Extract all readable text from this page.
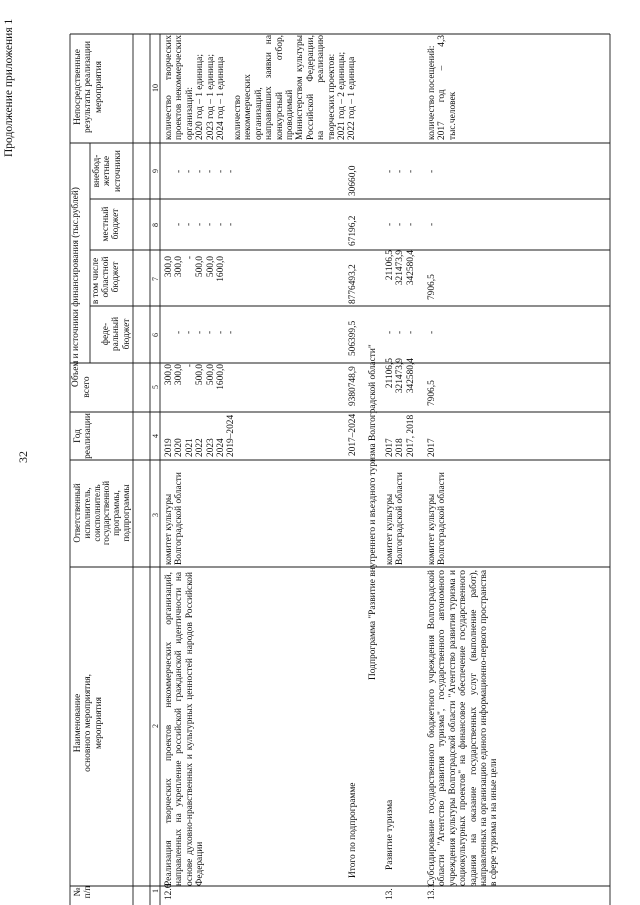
32
Продолжение приложения 1
№
п/п
Наименование
основного мероприятия,
мероприятия
Ответственный
исполнитель,
соисполнитель
государственной
программы,
подпрограммы
Год
реализации
Объем и источники финансирования (тыс.рублей)
всего
в том числе
феде-
ральный
бюджет
областной
бюджет
местный
бюджет
внебюд-
жетные
источники
Непосредственные
результаты реализации
мероприятия
1
2
3
4
5
6
7
8
9
10
12.6.
Реализация творческих проектов некоммерческих организаций, направленных на укрепление российской гражданской идентичности на основе духовно-нравственных и культурных ценностей народов Российской Федерации
комитет культуры Волгоградской области
2019
2020
2021
2022
2023
2024
2019–2024
300,0
300,0
-
500,0
500,0
1600,0
-
-
-
-
-
-
300,0
300,0
-
500,0
500,0
1600,0
-
-
-
-
-
-
-
-
-
-
-
-
количество творческих проектов некоммерческих организаций:
2020 год – 1 единица;
2023 год – 1 единица;
2024 год – 1 единица
количество некоммерческих организаций, направивших заявки на конкурсный отбор, проводимый Министерством культуры Российской Федерации, на реализацию творческих проектов:
2021 год – 2 единицы;
2022 год – 1 единица
Итого по подпрограмме
2017–2024
9380748,9
506399,5
8776493,2
67196,2
30660,0
Подпрограмма "Развитие внутреннего и въездного туризма Волгоградской области"
13.
Развитие туризма
комитет культуры Волгоградской области
2017
2018
2017, 2018
21106,5
321473,9
342580,4
-
-
-
21106,5
321473,9
342580,4
-
-
-
-
-
-
13.1.
Субсидирование государственного бюджетного учреждения Волгоградской области "Агентство развития туризма", государственного автономного учреждения культуры Волгоградской области "Агентство развития туризма и социокультурных проектов" на финансовое обеспечение государственного задания на оказание государственных услуг (выполнение работ), направленных на организацию единого информационно-первого пространства в сфере туризма и на иные цели
комитет культуры Волгоградской области
2017
7906,5
-
7906,5
-
-
количество посещений:
2017 год – 4,3 тыс.человек
